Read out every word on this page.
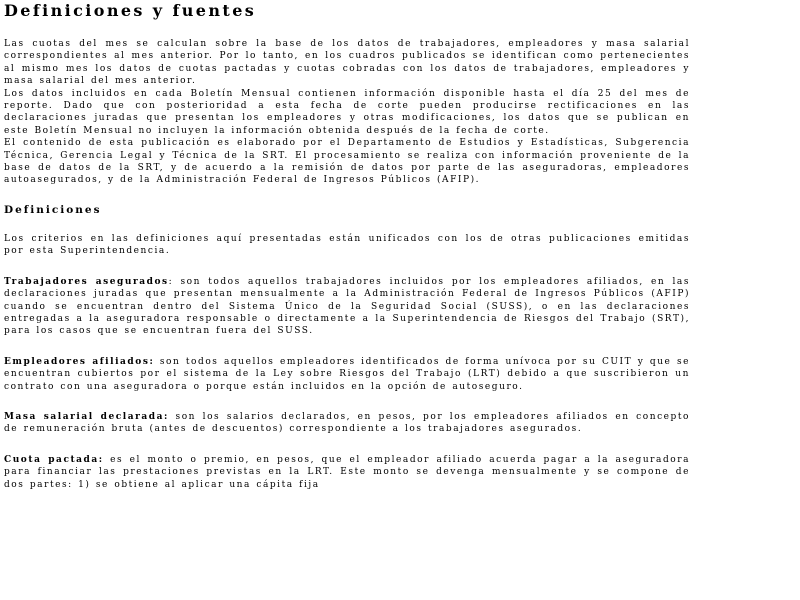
Definiciones y fuentes

Las cuotas del mes se calculan sobre la base de los datos de trabajadores, empleadores y masa salarial correspondientes al mes anterior. Por lo tanto, en los cuadros publicados se identifican como pertenecientes al mismo mes los datos de cuotas pactadas y cuotas cobradas con los datos de trabajadores, empleadores y masa salarial del mes anterior.

Los datos incluidos en cada Boletín Mensual contienen información disponible hasta el día 25 del mes de reporte. Dado que con posterioridad a esta fecha de corte pueden producirse rectificaciones en las declaraciones juradas que presentan los empleadores y otras modificaciones, los datos que se publican en este Boletín Mensual no incluyen la información obtenida después de la fecha de corte.

El contenido de esta publicación es elaborado por el Departamento de Estudios y Estadísticas, Subgerencia Técnica, Gerencia Legal y Técnica de la SRT. El procesamiento se realiza con información proveniente de la base de datos de la SRT, y de acuerdo a la remisión de datos por parte de las aseguradoras, empleadores autoasegurados, y de la Administración Federal de Ingresos Públicos (AFIP).

Definiciones

Los criterios en las definiciones aquí presentadas están unificados con los de otras publicaciones emitidas por esta Superintendencia.

Trabajadores asegurados: son todos aquellos trabajadores incluidos por los empleadores afiliados, en las declaraciones juradas que presentan mensualmente a la Administración Federal de Ingresos Públicos (AFIP) cuando se encuentran dentro del Sistema Único de la Seguridad Social (SUSS), o en las declaraciones entregadas a la aseguradora responsable o directamente a la Superintendencia de Riesgos del Trabajo (SRT), para los casos que se encuentran fuera del SUSS.

Empleadores afiliados: son todos aquellos empleadores identificados de forma unívoca por su CUIT y que se encuentran cubiertos por el sistema de la Ley sobre Riesgos del Trabajo (LRT) debido a que suscribieron un contrato con una aseguradora o porque están incluidos en la opción de autoseguro.

Masa salarial declarada: son los salarios declarados, en pesos, por los empleadores afiliados en concepto de remuneración bruta (antes de descuentos) correspondiente a los trabajadores asegurados.

Cuota pactada: es el monto o premio, en pesos, que el empleador afiliado acuerda pagar a la aseguradora para financiar las prestaciones previstas en la LRT. Este monto se devenga mensualmente y se compone de dos partes: 1) se obtiene al aplicar una cápita fija
